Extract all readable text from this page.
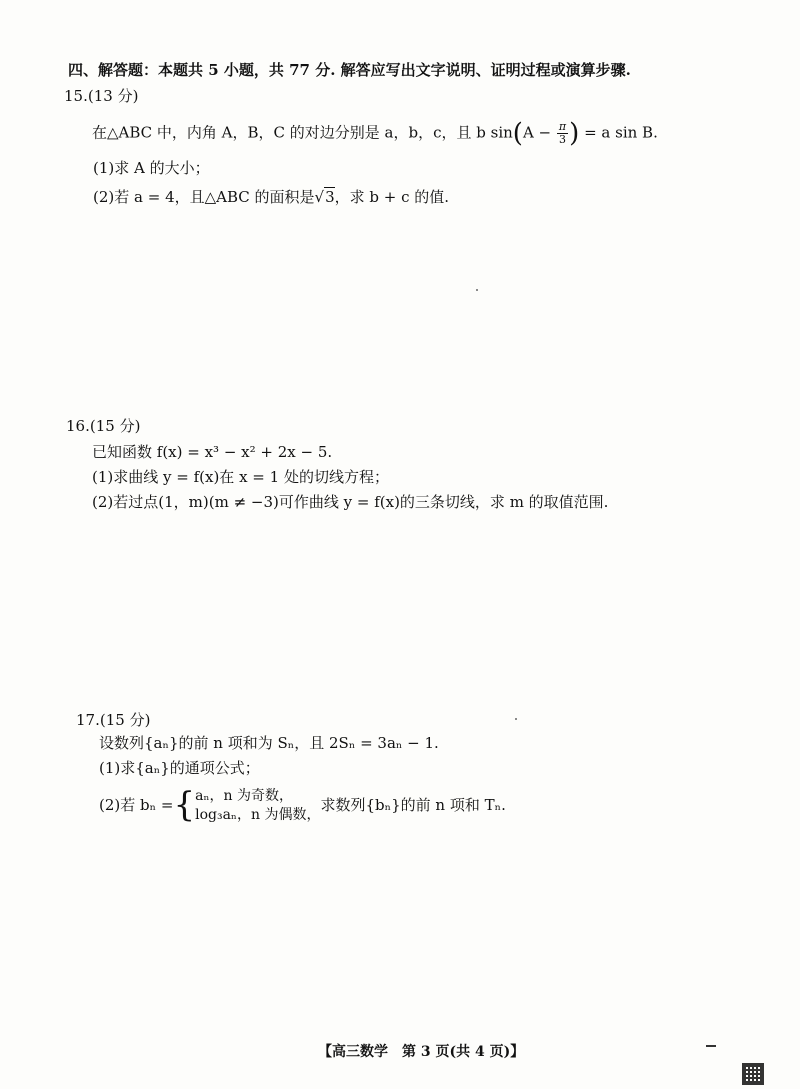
四、解答题：本题共 5 小题，共 77 分. 解答应写出文字说明、证明过程或演算步骤.
15.(13 分)
在△ABC 中，内角 A，B，C 的对边分别是 a，b，c，且 b $\sin(A - \frac{\pi}{3}$ ) = a sin B.
(1)求 A 的大小；
(2)若 a = 4，且△ABC 的面积是√3，求 b + c 的值.
16.(15 分)
已知函数 f(x) = x³ − x² + 2x − 5.
(1)求曲线 y = f(x)在 x = 1 处的切线方程；
(2)若过点(1，m)(m ≠ −3)可作曲线 y = f(x)的三条切线，求 m 的取值范围.
17.(15 分)
设数列{aₙ}的前 n 项和为 Sₙ，且 2Sₙ = 3aₙ − 1.
(1)求{aₙ}的通项公式；
(2)若 bₙ ={ aₙ，n 为奇数，
log₃aₙ，n 为偶数，
求数列{bₙ}的前 n 项和 Tₙ.
【高三数学　第 3 页(共 4 页)】
